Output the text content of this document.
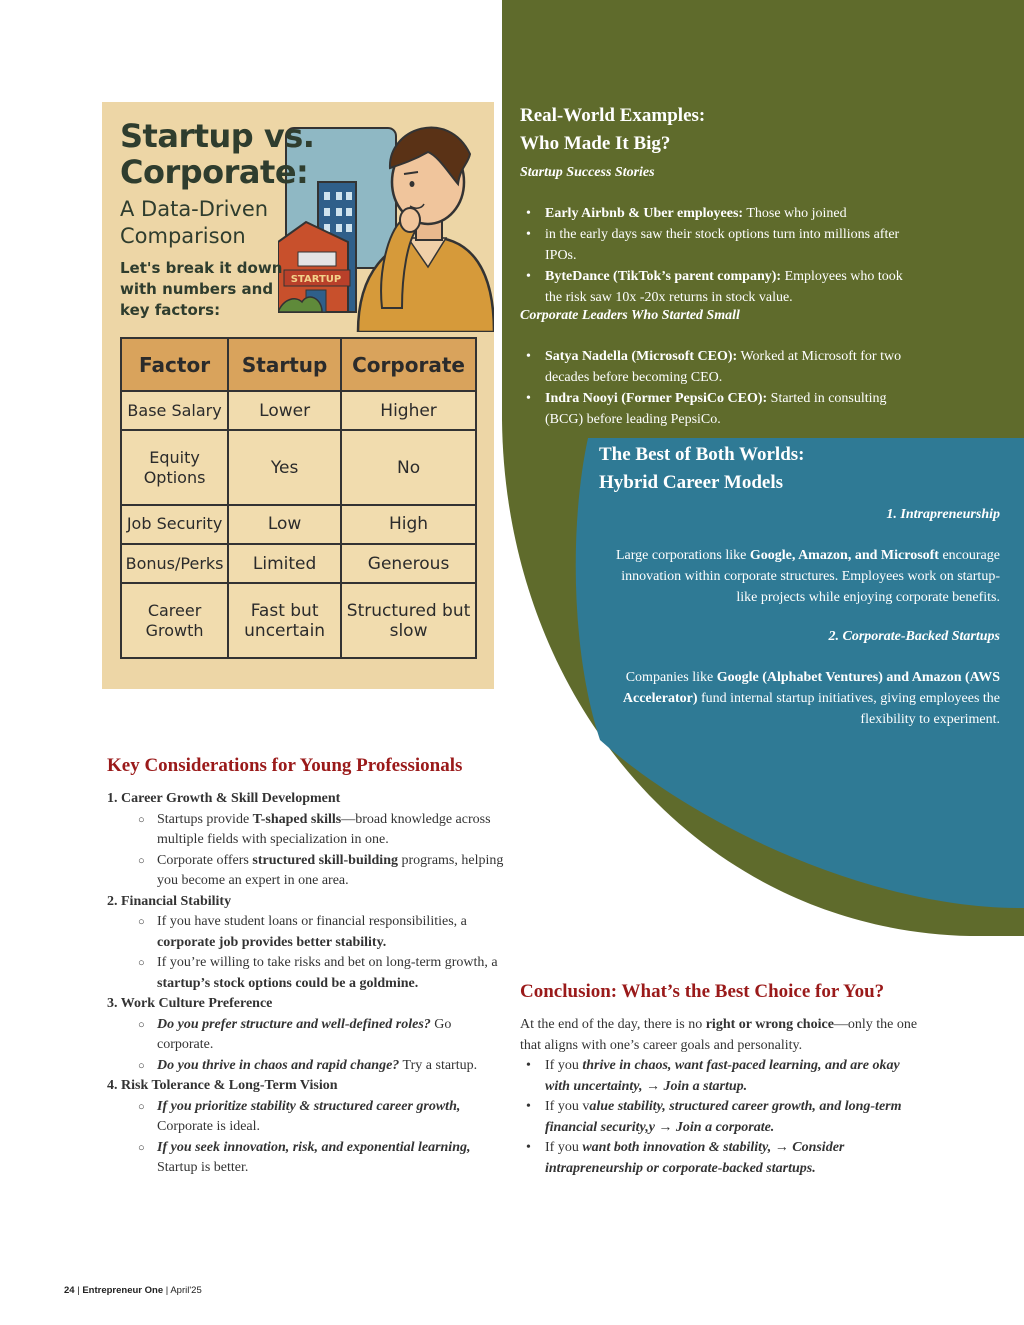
STARTUP
Startup vs.
Corporate:
A Data-Driven
Comparison
Let's break it down
with numbers and
key factors:
Factor	Startup	Corporate
Base Salary	Lower	Higher
Equity Options	Yes	No
Job Security	Low	High
Bonus/Perks	Limited	Generous
Career Growth	Fast but uncertain	Structured but slow
Real-World Examples:
Who Made It Big?
Startup Success Stories
• Early Airbnb & Uber employees: Those who joined
• in the early days saw their stock options turn into millions after IPOs.
• ByteDance (TikTok’s parent company): Employees who took the risk saw 10x -20x returns in stock value.
Corporate Leaders Who Started Small
• Satya Nadella (Microsoft CEO): Worked at Microsoft for two decades before becoming CEO.
• Indra Nooyi (Former PepsiCo CEO): Started in consulting (BCG) before leading PepsiCo.
The Best of Both Worlds:
Hybrid Career Models
1. Intrapreneurship
Large corporations like Google, Amazon, and Microsoft encourage innovation within corporate structures. Employees work on startup-like projects while enjoying corporate benefits.
2. Corporate-Backed Startups
Companies like Google (Alphabet Ventures) and Amazon (AWS Accelerator) fund internal startup initiatives, giving employees the flexibility to experiment.
Key Considerations for Young Professionals
1. Career Growth & Skill Development
○ Startups provide T-shaped skills—broad knowledge across multiple fields with specialization in one.
○ Corporate offers structured skill-building programs, helping you become an expert in one area.
2. Financial Stability
○ If you have student loans or financial responsibilities, a corporate job provides better stability.
○ If you’re willing to take risks and bet on long-term growth, a startup’s stock options could be a goldmine.
3. Work Culture Preference
○ Do you prefer structure and well-defined roles? Go corporate.
○ Do you thrive in chaos and rapid change? Try a startup.
4. Risk Tolerance & Long-Term Vision
○ If you prioritize stability & structured career growth, Corporate is ideal.
○ If you seek innovation, risk, and exponential learning, Startup is better.
Conclusion: What’s the Best Choice for You?
At the end of the day, there is no right or wrong choice—only the one that aligns with one’s career goals and personality.
• If you thrive in chaos, want fast-paced learning, and are okay with uncertainty, → Join a startup.
• If you value stability, structured career growth, and long-term financial security,y → Join a corporate.
• If you want both innovation & stability, → Consider intrapreneurship or corporate-backed startups.
24 | Entrepreneur One | April'25
